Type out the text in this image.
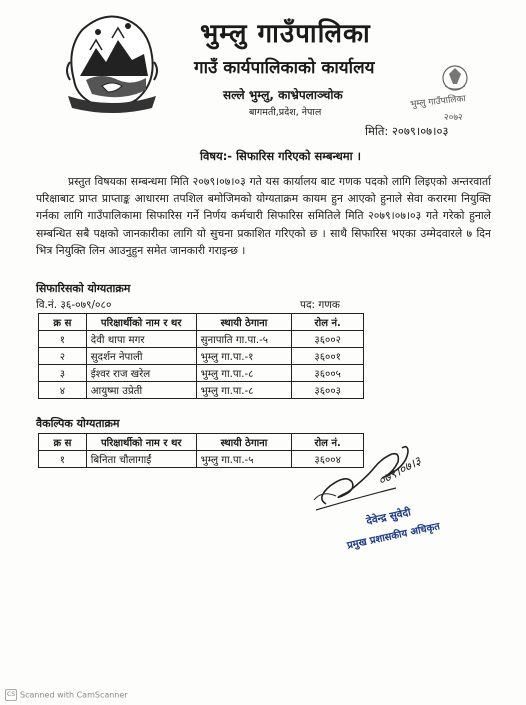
भुम्लु गाउँपालिका
गाउँ कार्यपालिकाको कार्यालय
सल्ले भुम्लु, काभ्रेपलाञ्चोक
बागमती,प्रदेश, नेपाल
भुम्लु गाउँपालिका
२०७२
मिति: २०७९।०७।०३
विषय:- सिफारिस गरिएको सम्बन्धमा ।

प्रस्तुत विषयका सम्बन्धमा मिति २०७९।०७।०३ गते यस कार्यालय बाट गणक पदको लागि लिइएको अन्तरवार्ता परिक्षाबाट प्राप्त प्राप्ताङ्क आधारमा तपशिल बमोजिमको योग्यताक्रम कायम हुन आएको हुनाले सेवा करारमा नियुक्ति गर्नका लागि गाउँपालिकामा सिफारिस गर्ने निर्णय कर्मचारी सिफारिस समितिले मिति २०७९।०७।०३ गते गरेको हुनाले सम्बन्धित सबै पक्षको जानकारीका लागि यो सुचना प्रकाशित गरिएको छ । साथै सिफारिस भएका उम्मेदवारले ७ दिन भित्र नियुक्ति लिन आउनुहुन समेत जानकारी गराइन्छ ।

सिफारिसको योग्यताक्रम
वि.नं. ३६-०७९/०८०	पद: गणक
क्र स	परिक्षार्थीको नाम र थर	स्थायी ठेगाना	रोल नं.
१	देवी थापा मगर	सुनापाति गा.पा.-५	३६००२
२	सुदर्शन नेपाली	भुम्लु गा.पा.-१	३६००१
३	ईश्वर राज खरेल	भुम्लु गा.पा.-८	३६००५
४	आयुष्मा उप्रेती	भुम्लु गा.पा.-८	३६००३
वैकल्पिक योग्यताक्रम
क्र स	परिक्षार्थीको नाम र थर	स्थायी ठेगाना	रोल नं.
१	बिनिता चौलागाईं	भुम्लु गा.पा.-५	३६००४	०७९।०७।३
देवेन्द्र सुवेदी
प्रमुख प्रशासकीय अधिकृत
CS Scanned with CamScanner
